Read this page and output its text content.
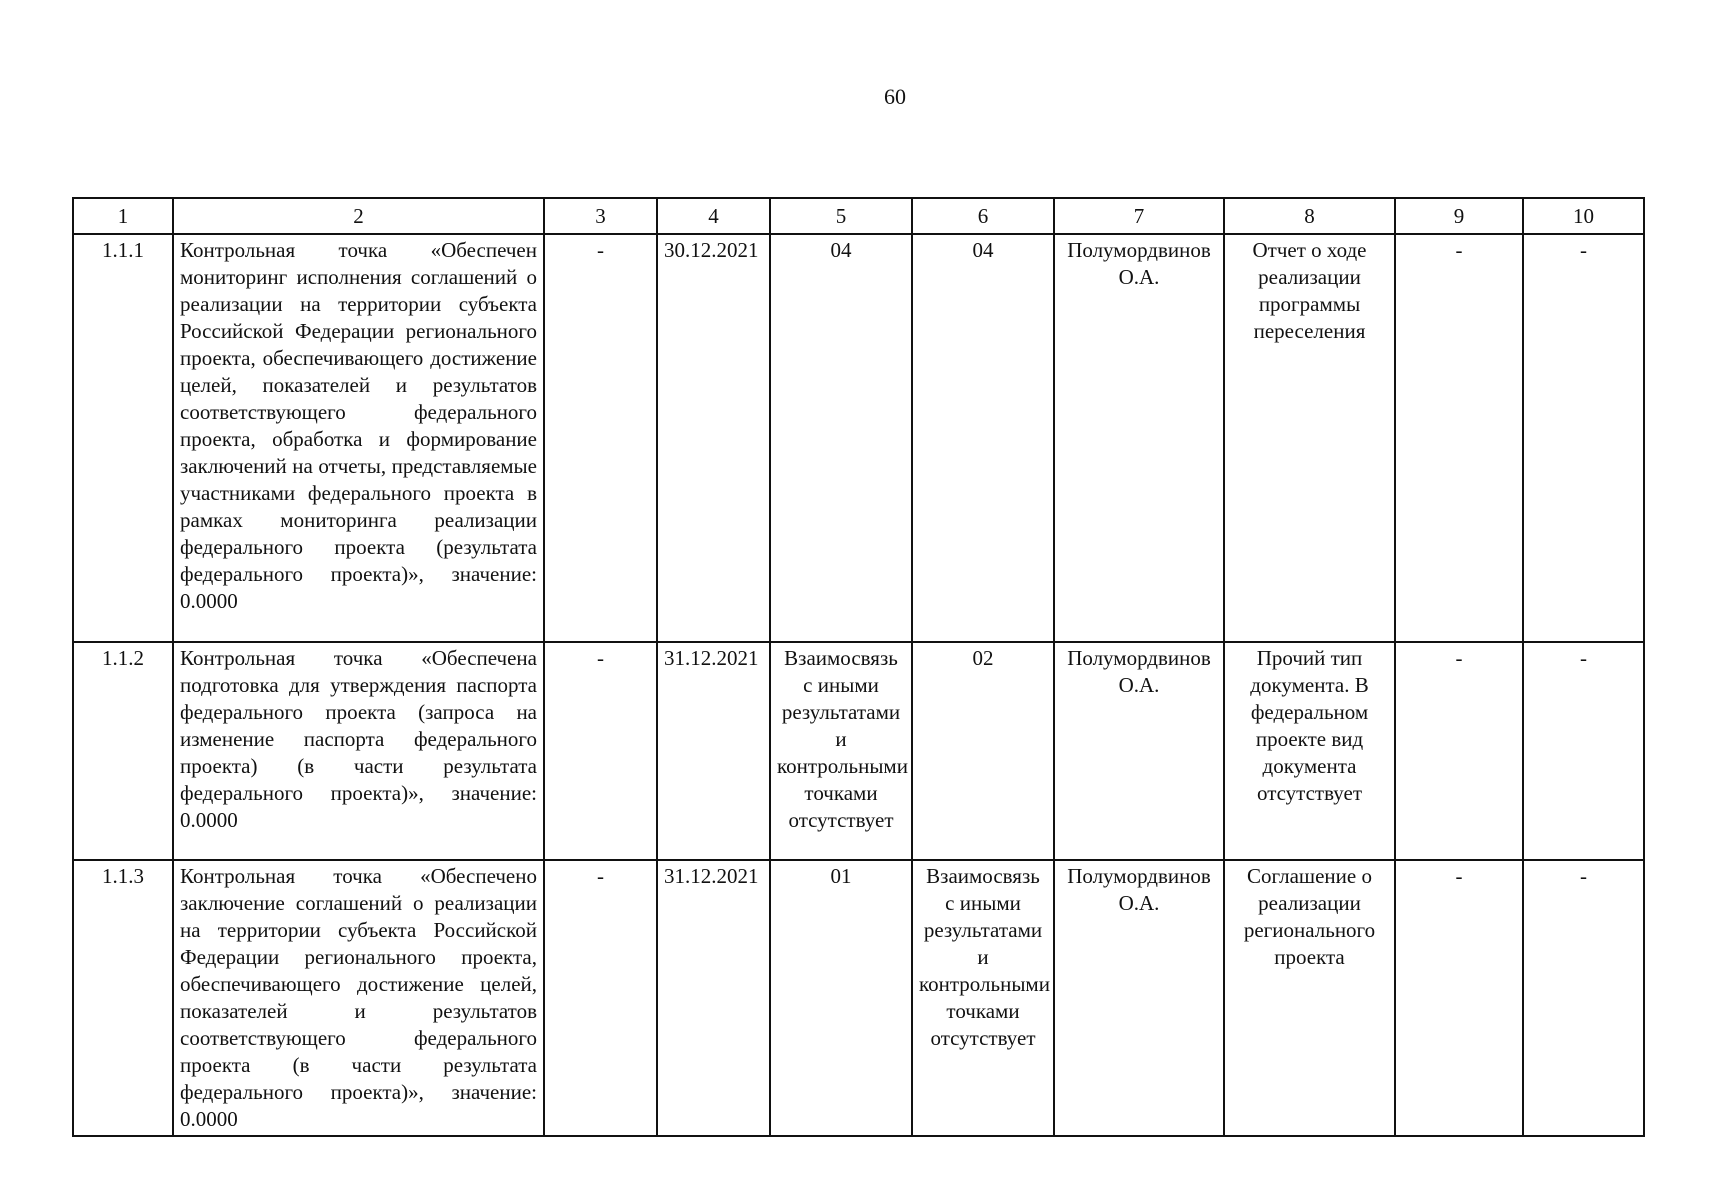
60
1	2	3	4	5	6	7	8	9	10
1.1.1	Контрольная точка «Обеспечен мониторинг исполнения соглашений о реализации на территории субъекта Российской Федерации регионального проекта, обеспечивающего достижение целей, показателей и результатов соответствующего федерального проекта, обработка и формирование заключений на отчеты, представляемые участниками федерального проекта в рамках мониторинга реализации федерального проекта (результата федерального проекта)», значение: 0.0000	-	30.12.2021	04	04	Полумордвинов О.А.	Отчет о ходе реализации программы переселения	-	-
1.1.2	Контрольная точка «Обеспечена подготовка для утверждения паспорта федерального проекта (запроса на изменение паспорта федерального проекта) (в части результата федерального проекта)», значение: 0.0000	-	31.12.2021	Взаимосвязь с иными результатами и контрольными точками отсутствует	02	Полумордвинов О.А.	Прочий тип документа. В федеральном проекте вид документа отсутствует	-	-
1.1.3	Контрольная точка «Обеспечено заключение соглашений о реализации на территории субъекта Российской Федерации регионального проекта, обеспечивающего достижение целей, показателей и результатов соответствующего федерального проекта (в части результата федерального проекта)», значение: 0.0000	-	31.12.2021	01	Взаимосвязь с иными результатами и контрольными точками отсутствует	Полумордвинов О.А.	Соглашение о реализации регионального проекта	-	-
